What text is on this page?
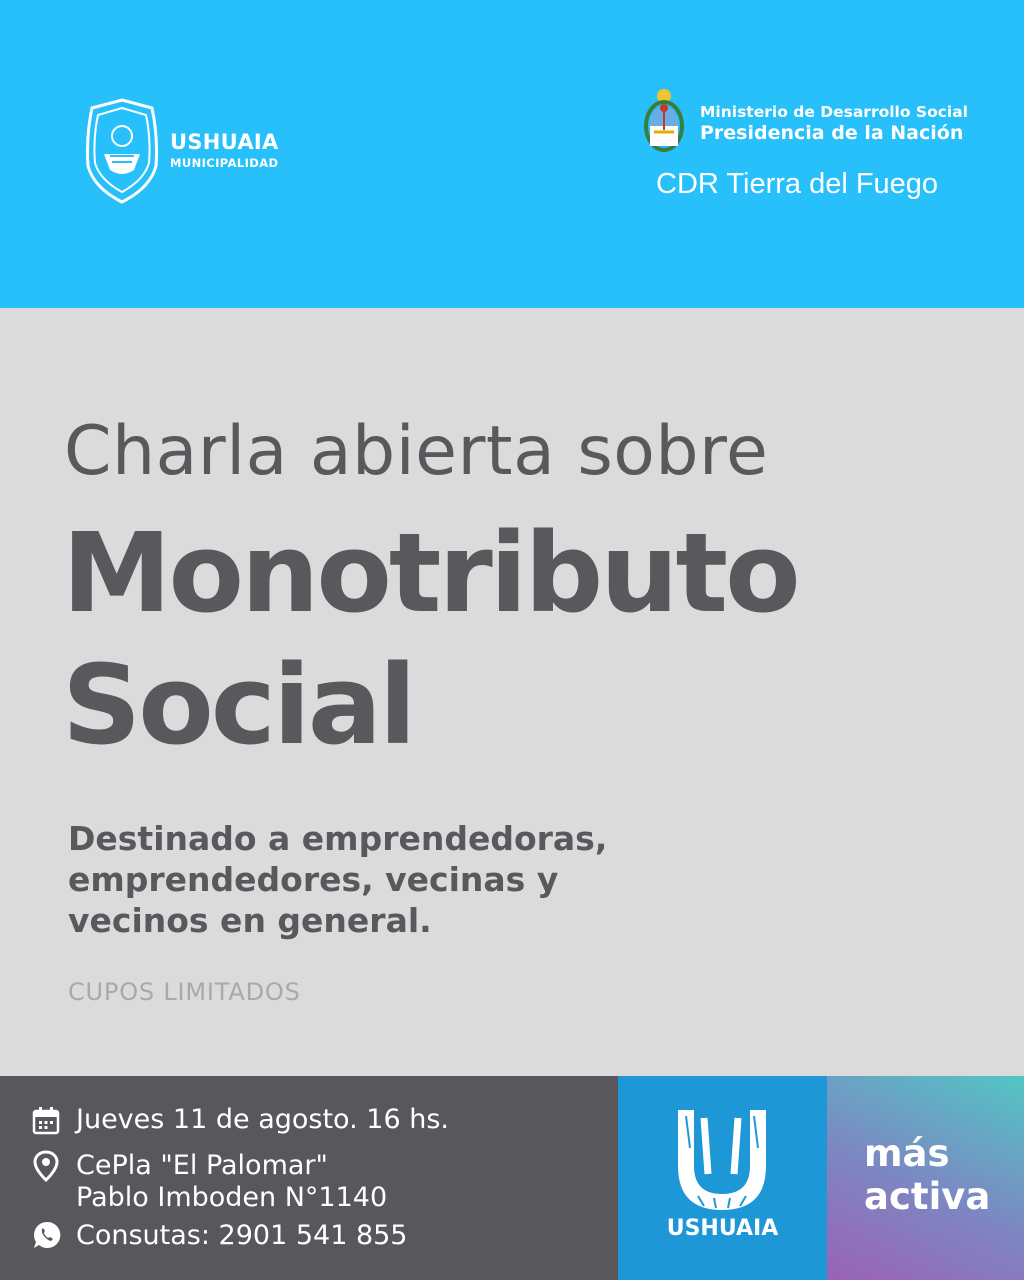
USHUAIA
MUNICIPALIDAD
Ministerio de Desarrollo Social
Presidencia de la Nación
CDR Tierra del Fuego
Charla abierta sobre
Monotributo
Social
Destinado a emprendedoras,
emprendedores, vecinas y
vecinos en general.
CUPOS LIMITADOS
Jueves 11 de agosto. 16 hs.
CePla "El Palomar"
Pablo Imboden N°1140
Consutas: 2901 541 855	USHUAIA
más
activa
